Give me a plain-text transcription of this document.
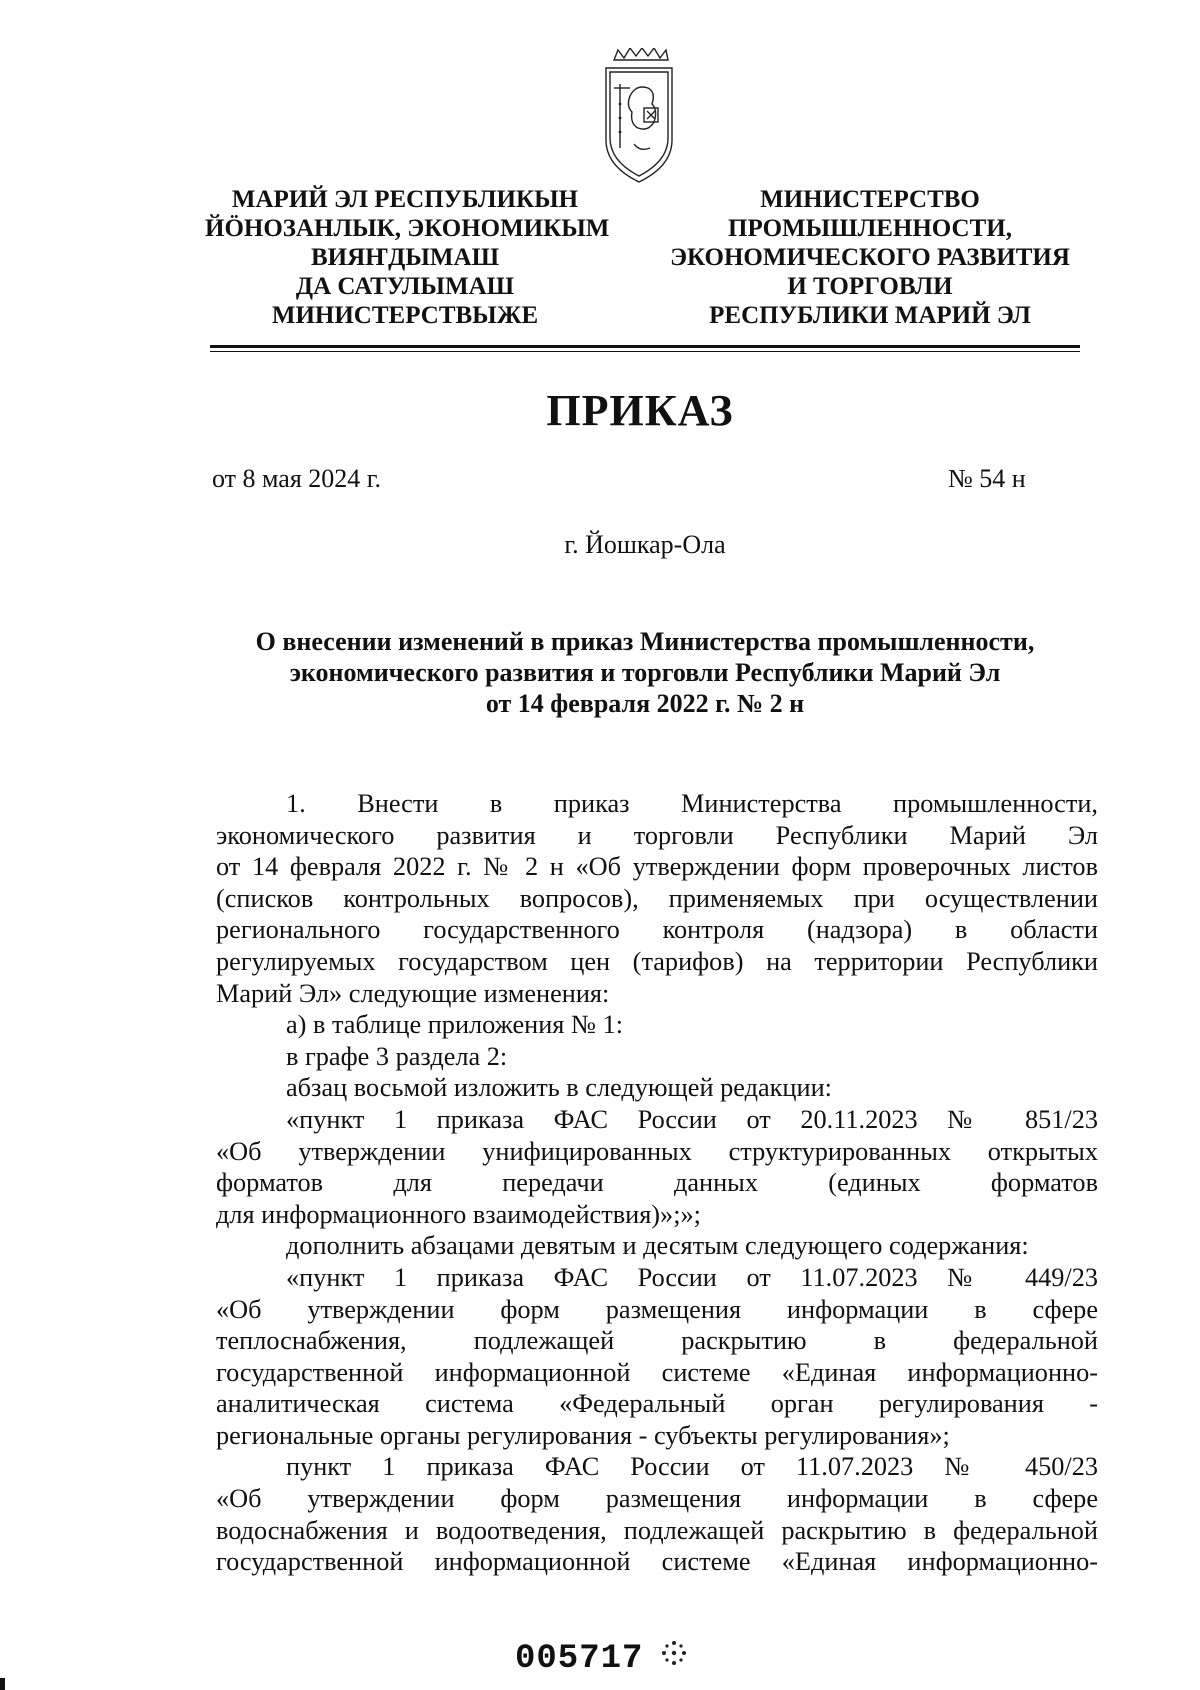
МАРИЙ ЭЛ РЕСПУБЛИКЫН
ЙӦНОЗАНЛЫК, ЭКОНОМИКЫМ
ВИЯҤДЫМАШ
ДА САТУЛЫМАШ
МИНИСТЕРСТВЫЖЕ
МИНИСТЕРСТВО
ПРОМЫШЛЕННОСТИ,
ЭКОНОМИЧЕСКОГО РАЗВИТИЯ
И ТОРГОВЛИ
РЕСПУБЛИКИ МАРИЙ ЭЛ
ПРИКАЗ
от 8 мая 2024 г.	№ 54 н
г. Йошкар-Ола
О внесении изменений в приказ Министерства промышленности,
экономического развития и торговли Республики Марий Эл
от 14 февраля 2022 г. № 2 н
1. Внести в приказ Министерства промышленности,
экономического развития и торговли Республики Марий Эл
от 14 февраля 2022 г. № 2 н «Об утверждении форм проверочных листов
(списков контрольных вопросов), применяемых при осуществлении
регионального государственного контроля (надзора) в области
регулируемых государством цен (тарифов) на территории Республики
Марий Эл» следующие изменения:
а) в таблице приложения № 1:
в графе 3 раздела 2:
абзац восьмой изложить в следующей редакции:
«пункт 1 приказа ФАС России от 20.11.2023 № 851/23
«Об утверждении унифицированных структурированных открытых
форматов для передачи данных (единых форматов
для информационного взаимодействия)»;»;
дополнить абзацами девятым и десятым следующего содержания:
«пункт 1 приказа ФАС России от 11.07.2023 № 449/23
«Об утверждении форм размещения информации в сфере
теплоснабжения, подлежащей раскрытию в федеральной
государственной информационной системе «Единая информационно-
аналитическая система «Федеральный орган регулирования -
региональные органы регулирования - субъекты регулирования»;
пункт 1 приказа ФАС России от 11.07.2023 № 450/23
«Об утверждении форм размещения информации в сфере
водоснабжения и водоотведения, подлежащей раскрытию в федеральной
государственной информационной системе «Единая информационно-
005717
